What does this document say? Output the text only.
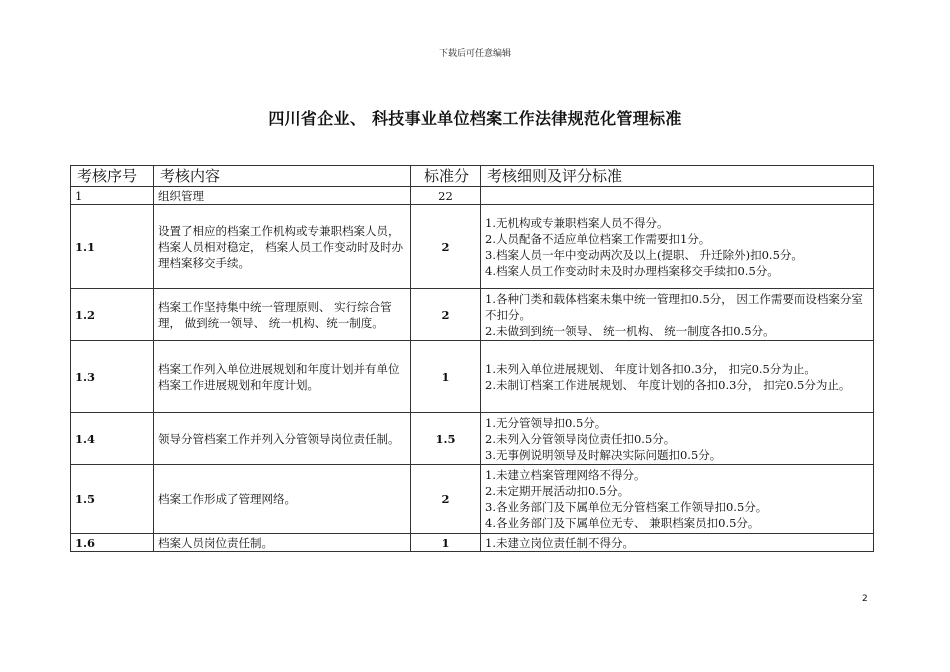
下载后可任意编辑
四川省企业、 科技事业单位档案工作法律规范化管理标准
考核序号	考核内容	标准分	考核细则及评分标准
1	组织管理	22	
1.1	设置了相应的档案工作机构或专兼职档案人员， 档案人员相对稳定， 档案人员工作变动时及时办理档案移交手续。	2	1.无机构或专兼职档案人员不得分。
2.人员配备不适应单位档案工作需要扣1分。
3.档案人员一年中变动两次及以上(提职、 升迁除外)扣0.5分。
4.档案人员工作变动时未及时办理档案移交手续扣0.5分。
1.2	档案工作坚持集中统一管理原则、 实行综合管理， 做到统一领导、 统一机构、统一制度。	2	1.各种门类和载体档案未集中统一管理扣0.5分， 因工作需要而设档案分室不扣分。
2.未做到到统一领导、 统一机构、 统一制度各扣0.5分。
1.3	档案工作列入单位进展规划和年度计划并有单位档案工作进展规划和年度计划。	1	1.未列入单位进展规划、 年度计划各扣0.3分， 扣完0.5分为止。
2.未制订档案工作进展规划、 年度计划的各扣0.3分， 扣完0.5分为止。
1.4	领导分管档案工作并列入分管领导岗位责任制。	1.5	1.无分管领导扣0.5分。
2.未列入分管领导岗位责任扣0.5分。
3.无事例说明领导及时解决实际问题扣0.5分。
1.5	档案工作形成了管理网络。	2	1.未建立档案管理网络不得分。
2.未定期开展活动扣0.5分。
3.各业务部门及下属单位无分管档案工作领导扣0.5分。
4.各业务部门及下属单位无专、 兼职档案员扣0.5分。
1.6	档案人员岗位责任制。	1	1.未建立岗位责任制不得分。
2
